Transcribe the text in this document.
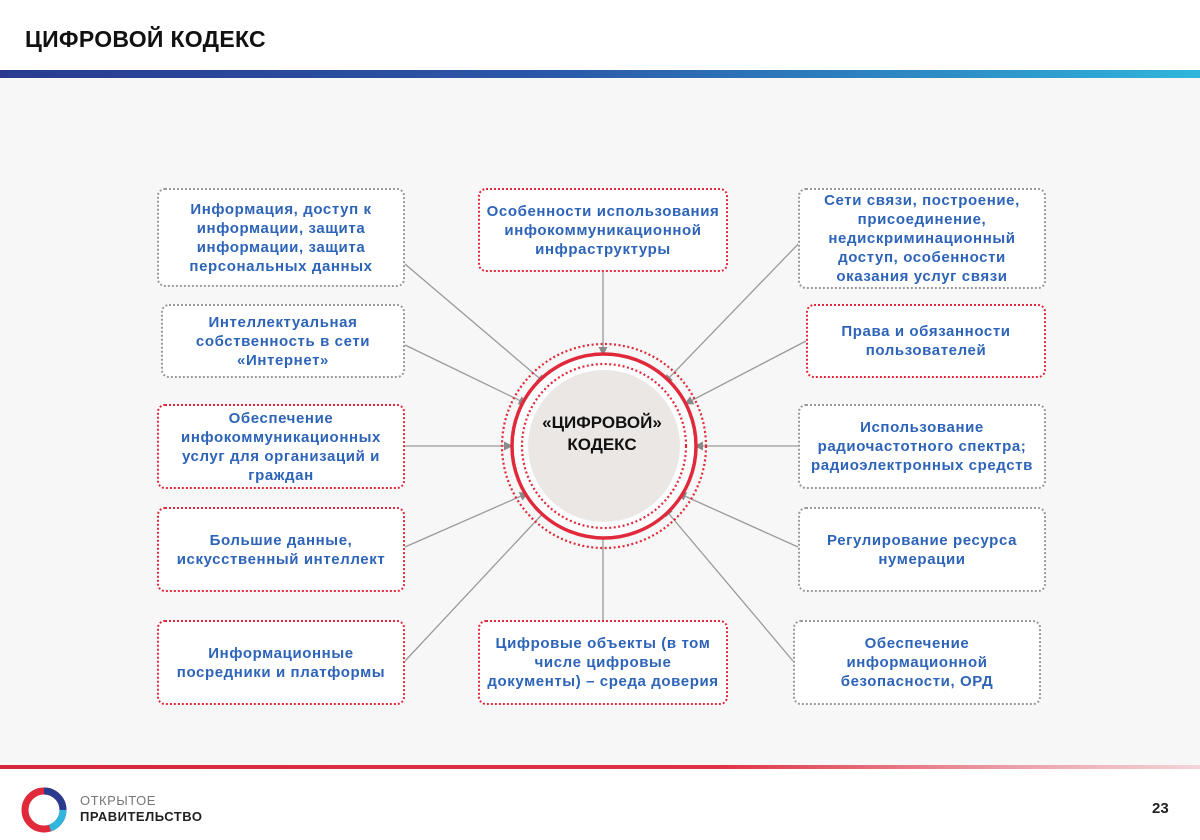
ЦИФРОВОЙ КОДЕКС
«ЦИФРОВОЙ»
КОДЕКС
Информация, доступ к информации, защита информации, защита персональных данных
Особенности использования инфокоммуникационной инфраструктуры
Сети связи, построение, присоединение, недискриминационный доступ, особенности оказания услуг связи
Интеллектуальная собственность в сети «Интернет»
Права и обязанности пользователей
Обеспечение инфокоммуникационных услуг для организаций и граждан
Использование радиочастотного спектра; радиоэлектронных средств
Большие данные, искусственный интеллект
Регулирование ресурса нумерации
Информационные посредники и платформы
Цифровые объекты (в том числе цифровые документы) – среда доверия
Обеспечение информационной безопасности, ОРД
ОТКРЫТОЕ
ПРАВИТЕЛЬСТВО	23
